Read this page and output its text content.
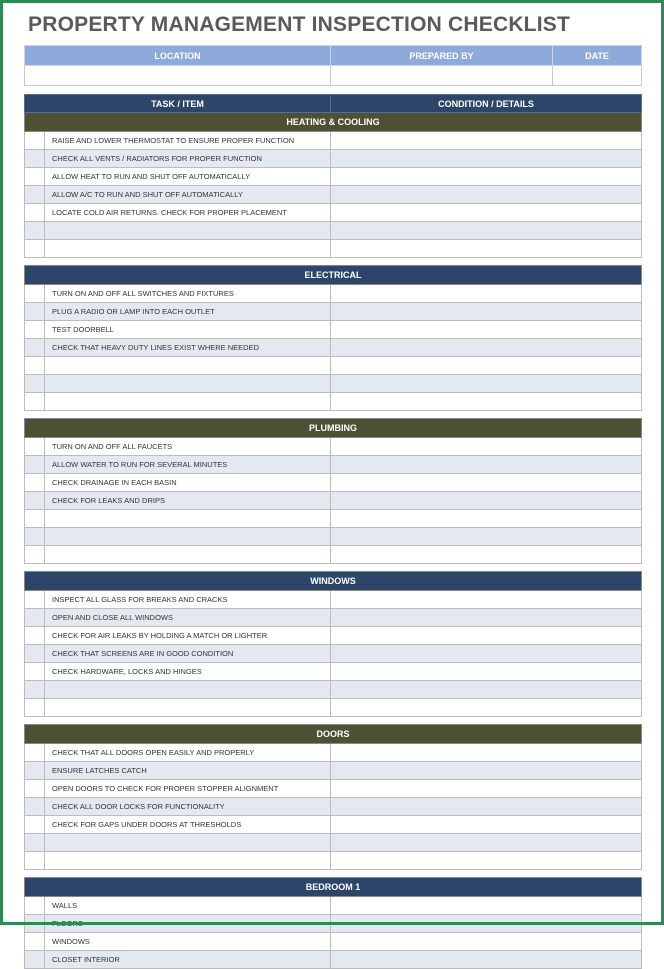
PROPERTY MANAGEMENT INSPECTION CHECKLIST
LOCATION	PREPARED BY	DATE

TASK / ITEM		CONDITION / DETAILS
HEATING & COOLING		
	RAISE AND LOWER THERMOSTAT TO ENSURE PROPER FUNCTION	
	CHECK ALL VENTS / RADIATORS FOR PROPER FUNCTION	
	ALLOW HEAT TO RUN AND SHUT OFF AUTOMATICALLY	
	ALLOW A/C TO RUN AND SHUT OFF AUTOMATICALLY	
	LOCATE COLD AIR RETURNS. CHECK FOR PROPER PLACEMENT	

ELECTRICAL		
	TURN ON AND OFF ALL SWITCHES AND FIXTURES	
	PLUG A RADIO OR LAMP INTO EACH OUTLET	
	TEST DOORBELL	
	CHECK THAT HEAVY DUTY LINES EXIST WHERE NEEDED	

PLUMBING		
	TURN ON AND OFF ALL FAUCETS	
	ALLOW WATER TO RUN FOR SEVERAL MINUTES	
	CHECK DRAINAGE IN EACH BASIN	
	CHECK FOR LEAKS AND DRIPS	

WINDOWS		
	INSPECT ALL GLASS FOR BREAKS AND CRACKS	
	OPEN AND CLOSE ALL WINDOWS	
	CHECK FOR AIR LEAKS BY HOLDING A MATCH OR LIGHTER	
	CHECK THAT SCREENS ARE IN GOOD CONDITION	
	CHECK HARDWARE, LOCKS AND HINGES	

DOORS		
	CHECK THAT ALL DOORS OPEN EASILY AND PROPERLY	
	ENSURE LATCHES CATCH	
	OPEN DOORS TO CHECK FOR PROPER STOPPER ALIGNMENT	
	CHECK ALL DOOR LOCKS FOR FUNCTIONALITY	
	CHECK FOR GAPS UNDER DOORS AT THRESHOLDS	

BEDROOM 1		
	WALLS	
	FLOORS	
	WINDOWS	
	CLOSET INTERIOR	
